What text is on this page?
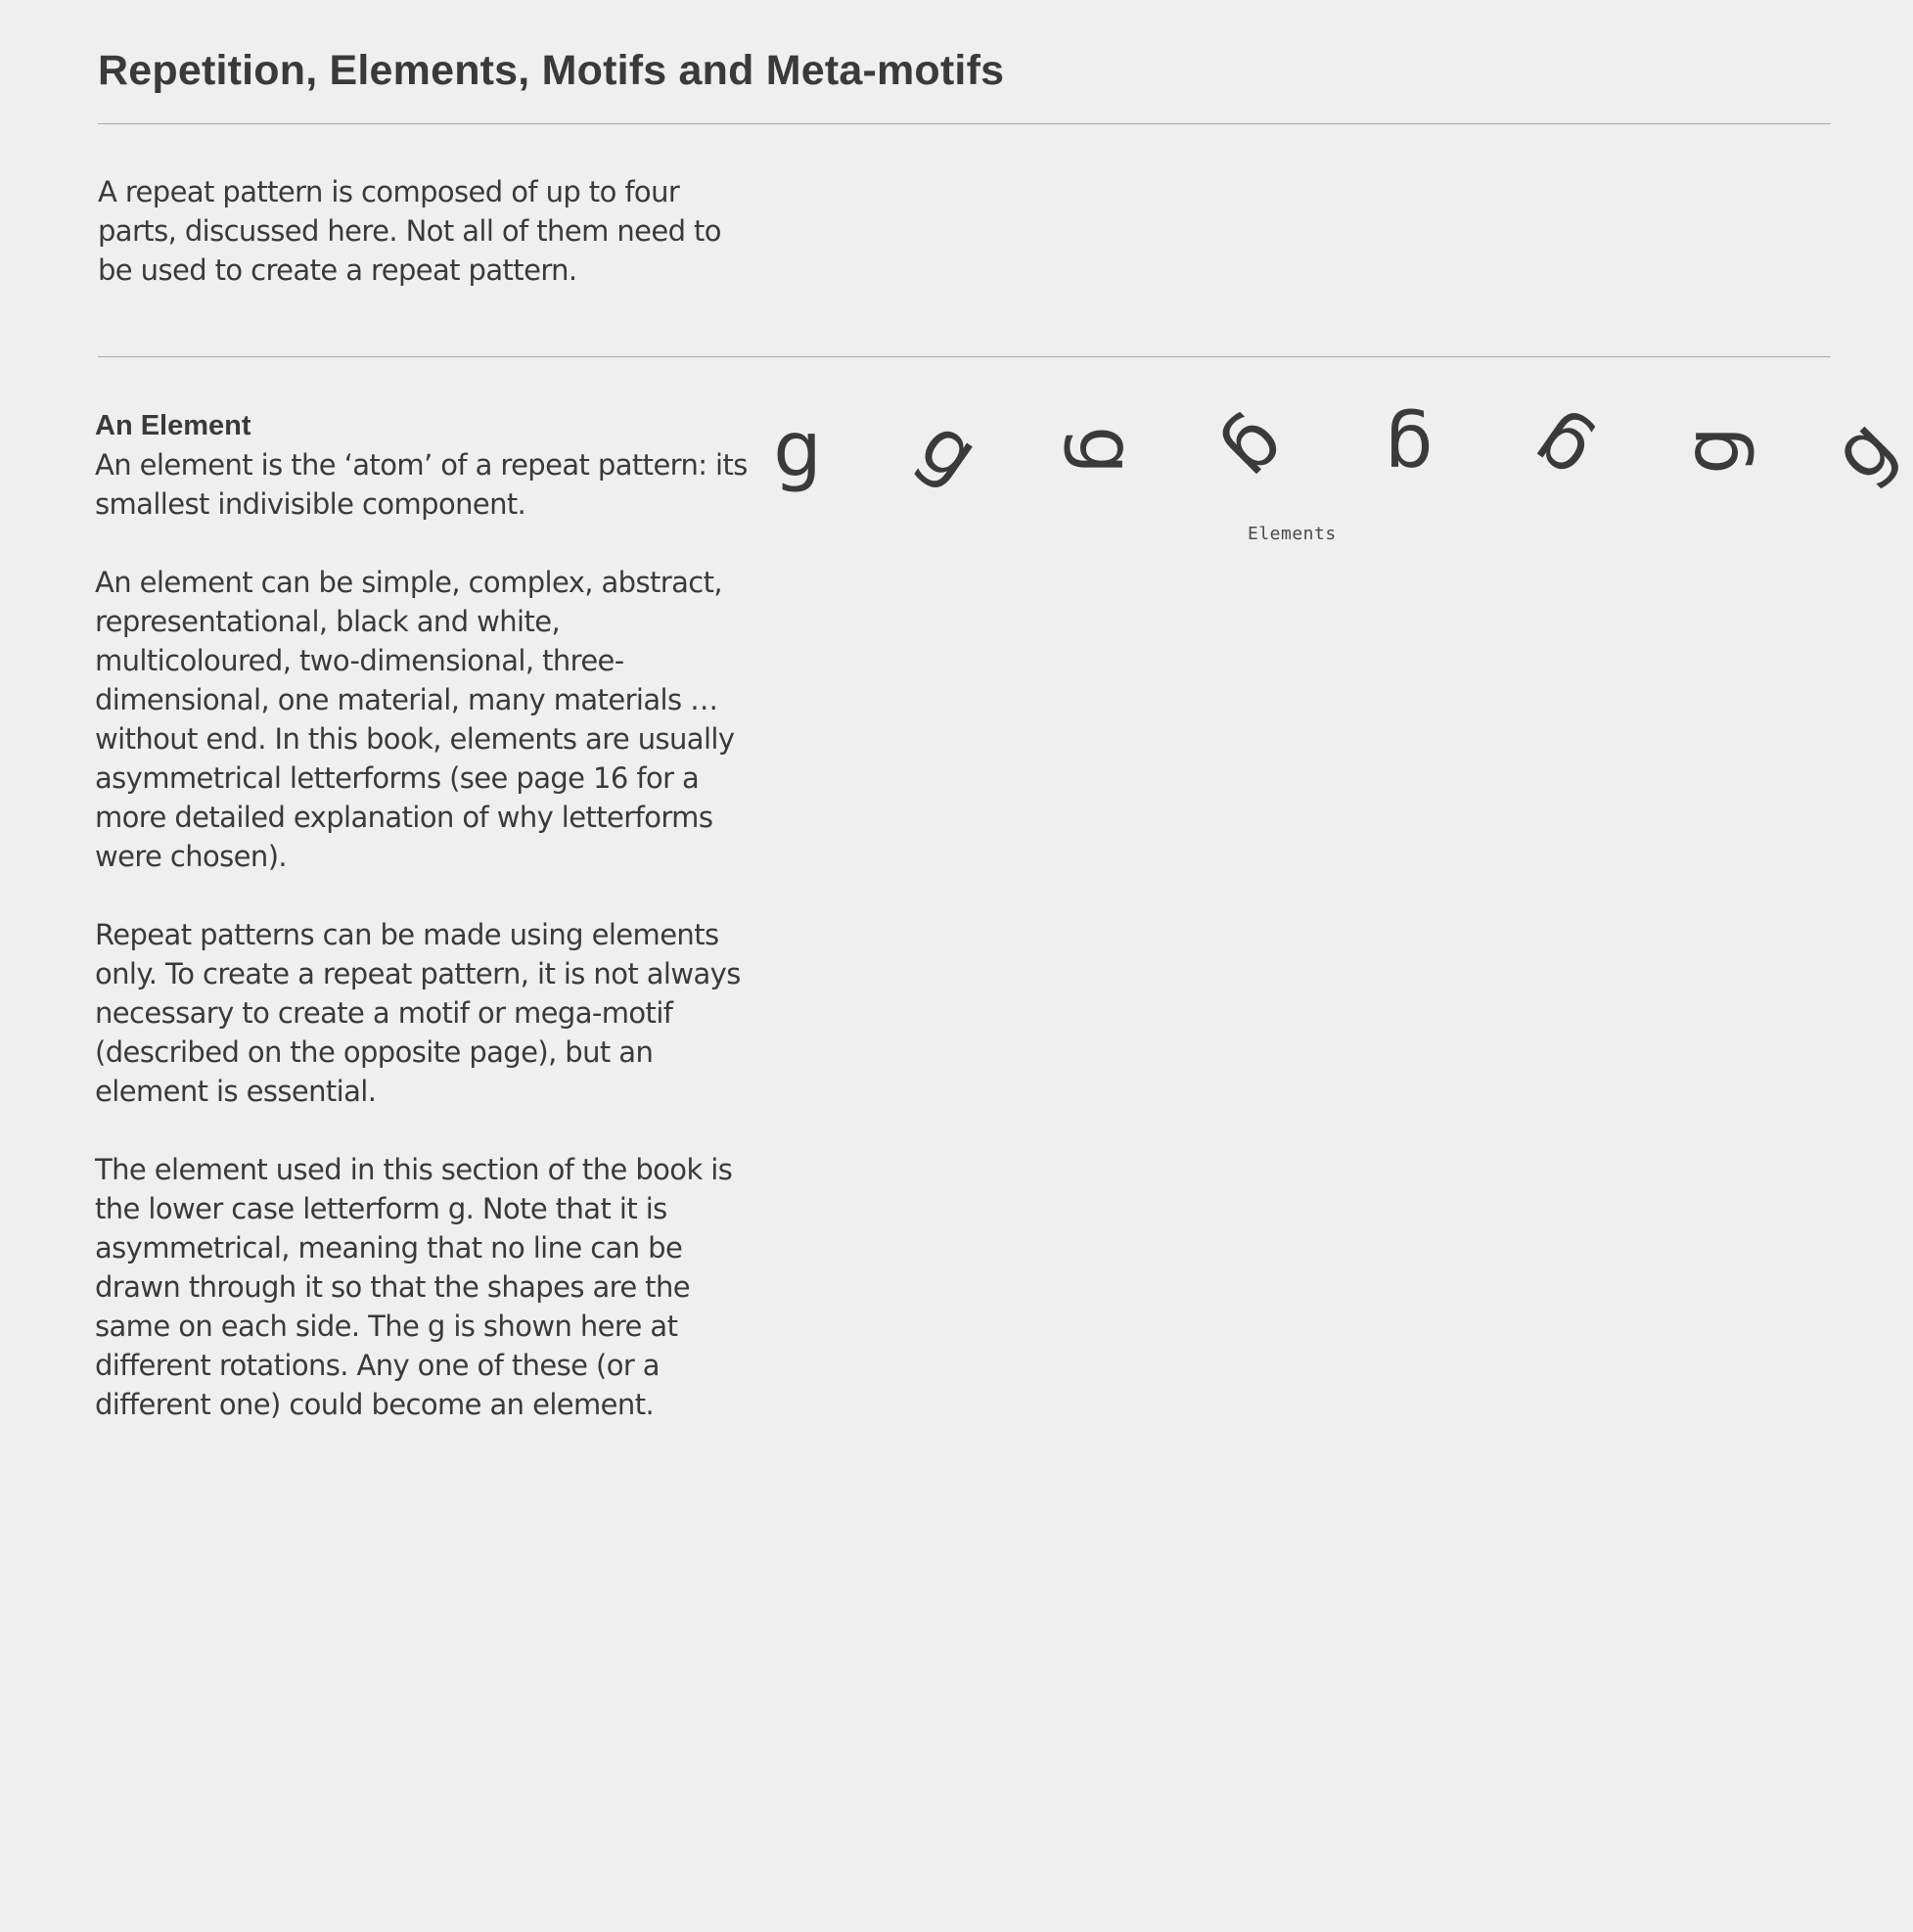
Repetition, Elements, Motifs and Meta-motifs

A repeat pattern is composed of up to four parts, discussed here. Not all of them need to be used to create a repeat pattern.

An Element

An element is the ‘atom’ of a repeat pattern: its smallest indivisible component.

An element can be simple, complex, abstract, representational, black and white, multicoloured, two-dimensional, three-dimensional, one material, many materials … without end. In this book, elements are usually asymmetrical letterforms (see page 16 for a more detailed explanation of why letterforms were chosen).

Repeat patterns can be made using elements only. To create a repeat pattern, it is not always necessary to create a motif or mega-motif (described on the opposite page), but an element is essential.

The element used in this section of the book is the lower case letterform g. Note that it is asymmetrical, meaning that no line can be drawn through it so that the shapes are the same on each side. The g is shown here at different rotations. Any one of these (or a different one) could become an element.

g g g g g g g g

Elements
